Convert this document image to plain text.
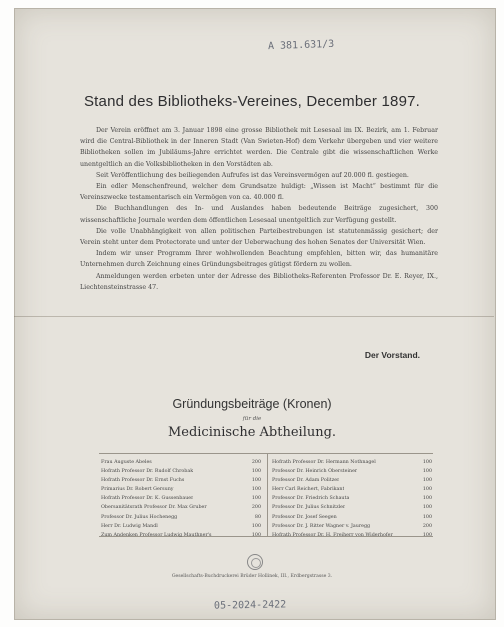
A 381.631/3
Stand des Bibliotheks-Vereines, December 1897.

Der Verein eröffnet am 3. Januar 1898 eine grosse Bibliothek mit Lesesaal im IX. Bezirk, am 1. Februar wird die Central-Bibliothek in der Inneren Stadt (Van Swieten-Hof) dem Verkehr übergeben und vier weitere Bibliotheken sollen im Jubiläums-Jahre errichtet werden. Die Centrale gibt die wissenschaftlichen Werke unentgeltlich an die Volksbibliotheken in den Vorstädten ab.

Seit Veröffentlichung des beiliegenden Aufrufes ist das Vereinsvermögen auf 20.000 fl. gestiegen.

Ein edler Menschenfreund, welcher dem Grundsatze huldigt: „Wissen ist Macht“ bestimmt für die Vereinszwecke testamentarisch ein Vermögen von ca. 40.000 fl.

Die Buchhandlungen des In- und Auslandes haben bedeutende Beiträge zugesichert, 300 wissenschaftliche Journale werden dem öffentlichen Lesesaal unentgeltlich zur Verfügung gestellt.

Die volle Unabhängigkeit von allen politischen Parteibestrebungen ist statutenmässig gesichert; der Verein steht unter dem Protectorate und unter der Ueberwachung des hohen Senates der Universität Wien.

Indem wir unser Programm Ihrer wohlwollenden Beachtung empfehlen, bitten wir, das humanitäre Unternehmen durch Zeichnung eines Gründungsbeitrages gütigst fördern zu wollen.

Anmeldungen werden erbeten unter der Adresse des Bibliotheks-Referenten Professor Dr. E. Reyer, IX., Liechtensteinstrasse 47.

Der Vorstand.
Gründungsbeiträge (Kronen)
für die
Medicinische Abtheilung.
Frau Auguste Abeles	200
Hofrath Professor Dr. Rudolf Chrobak	100
Hofrath Professor Dr. Ernst Fuchs	100
Primarius Dr. Robert Gersuny	100
Hofrath Professor Dr. K. Gussenbauer	100
Obersanitätsrath Professor Dr. Max Gruber	200
Professor Dr. Julius Hochenegg	80
Herr Dr. Ludwig Mandl	100
Zum Andenken Professor Ludwig Mauthner's	100
Hofrath Professor Dr. Hermann Nothnagel	100
Professor Dr. Heinrich Obersteiner	100
Professor Dr. Adam Politzer	100
Herr Carl Reichert, Fabrikant	100
Professor Dr. Friedrich Schauta	100
Professor Dr. Julius Schnitzler	100
Professor Dr. Josef Seegen	100
Professor Dr. J. Ritter Wagner v. Jauregg	200
Hofrath Professor Dr. H. Freiherr von Widerhofer	100
Gesellschafts-Buchdruckerei Brüder Hollinek, III., Erdbergstrasse 3.
05-2024-2422
